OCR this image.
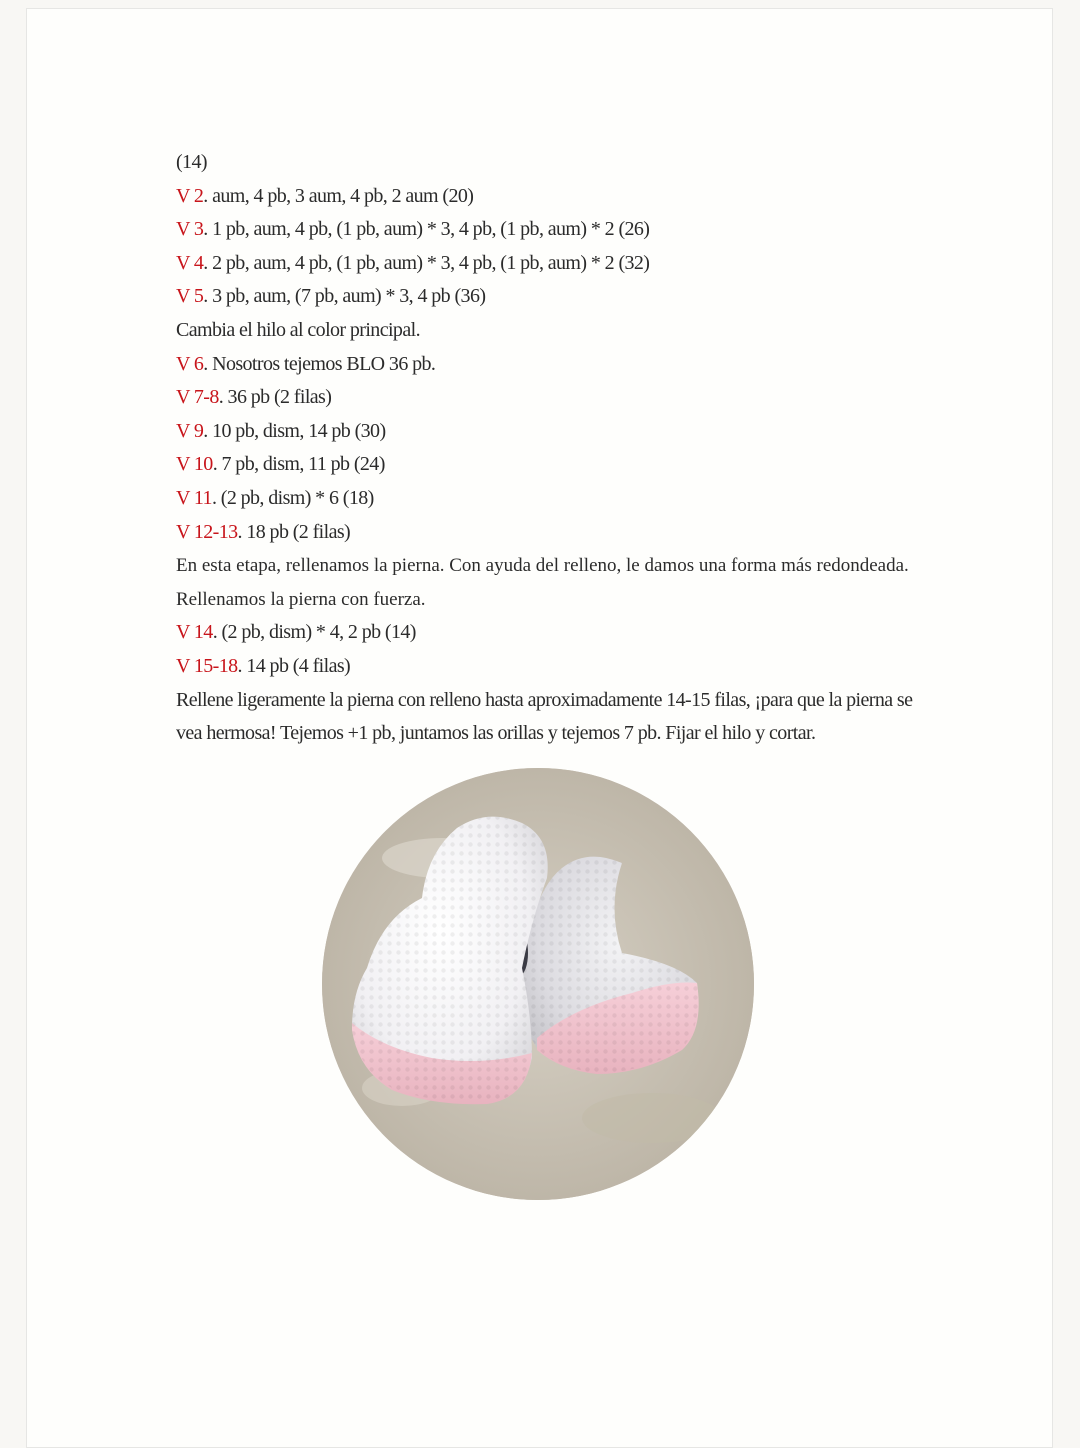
(14)
V 2. aum, 4 pb, 3 aum, 4 pb, 2 aum (20)
V 3. 1 pb, aum, 4 pb, (1 pb, aum) * 3, 4 pb, (1 pb, aum) * 2 (26)
V 4. 2 pb, aum, 4 pb, (1 pb, aum) * 3, 4 pb, (1 pb, aum) * 2 (32)
V 5. 3 pb, aum, (7 pb, aum) * 3, 4 pb (36)
Cambia el hilo al color principal.
V 6. Nosotros tejemos BLO 36 pb.
V 7-8. 36 pb (2 filas)
V 9. 10 pb, dism, 14 pb (30)
V 10. 7 pb, dism, 11 pb (24)
V 11. (2 pb, dism) * 6 (18)
V 12-13. 18 pb (2 filas)
En esta etapa, rellenamos la pierna. Con ayuda del relleno, le damos una forma más redondeada. Rellenamos la pierna con fuerza.
V 14. (2 pb, dism) * 4, 2 pb (14)
V 15-18. 14 pb (4 filas)
Rellene ligeramente la pierna con relleno hasta aproximadamente 14-15 filas, ¡para que la pierna se vea hermosa! Tejemos +1 pb, juntamos las orillas y tejemos 7 pb. Fijar el hilo y cortar.
